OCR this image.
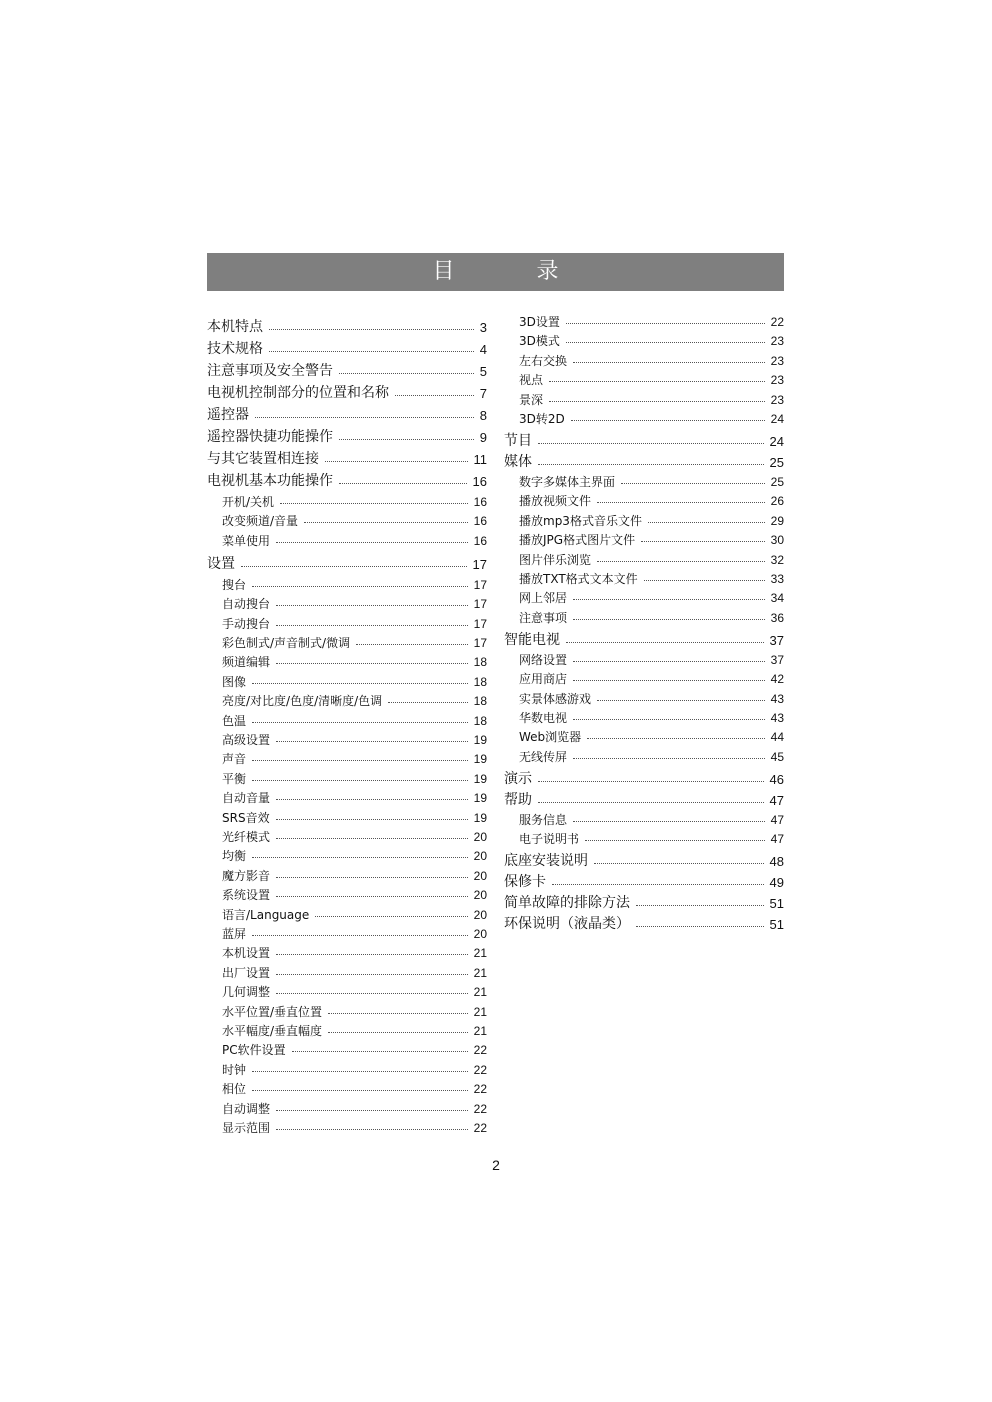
目　录
本机特点	3
技术规格	4
注意事项及安全警告	5
电视机控制部分的位置和名称	7
遥控器	8
遥控器快捷功能操作	9
与其它装置相连接	11
电视机基本功能操作	16
开机/关机	16
改变频道/音量	16
菜单使用	16
设置	17
搜台	17
自动搜台	17
手动搜台	17
彩色制式/声音制式/微调	17
频道编辑	18
图像	18
亮度/对比度/色度/清晰度/色调	18
色温	18
高级设置	19
声音	19
平衡	19
自动音量	19
SRS音效	19
光纤模式	20
均衡	20
魔方影音	20
系统设置	20
语言/Language	20
蓝屏	20
本机设置	21
出厂设置	21
几何调整	21
水平位置/垂直位置	21
水平幅度/垂直幅度	21
PC软件设置	22
时钟	22
相位	22
自动调整	22
显示范围	22
3D设置	22
3D模式	23
左右交换	23
视点	23
景深	23
3D转2D	24
节目	24
媒体	25
数字多媒体主界面	25
播放视频文件	26
播放mp3格式音乐文件	29
播放JPG格式图片文件	30
图片伴乐浏览	32
播放TXT格式文本文件	33
网上邻居	34
注意事项	36
智能电视	37
网络设置	37
应用商店	42
实景体感游戏	43
华数电视	43
Web浏览器	44
无线传屏	45
演示	46
帮助	47
服务信息	47
电子说明书	47
底座安装说明	48
保修卡	49
简单故障的排除方法	51
环保说明（液晶类）	51
2
